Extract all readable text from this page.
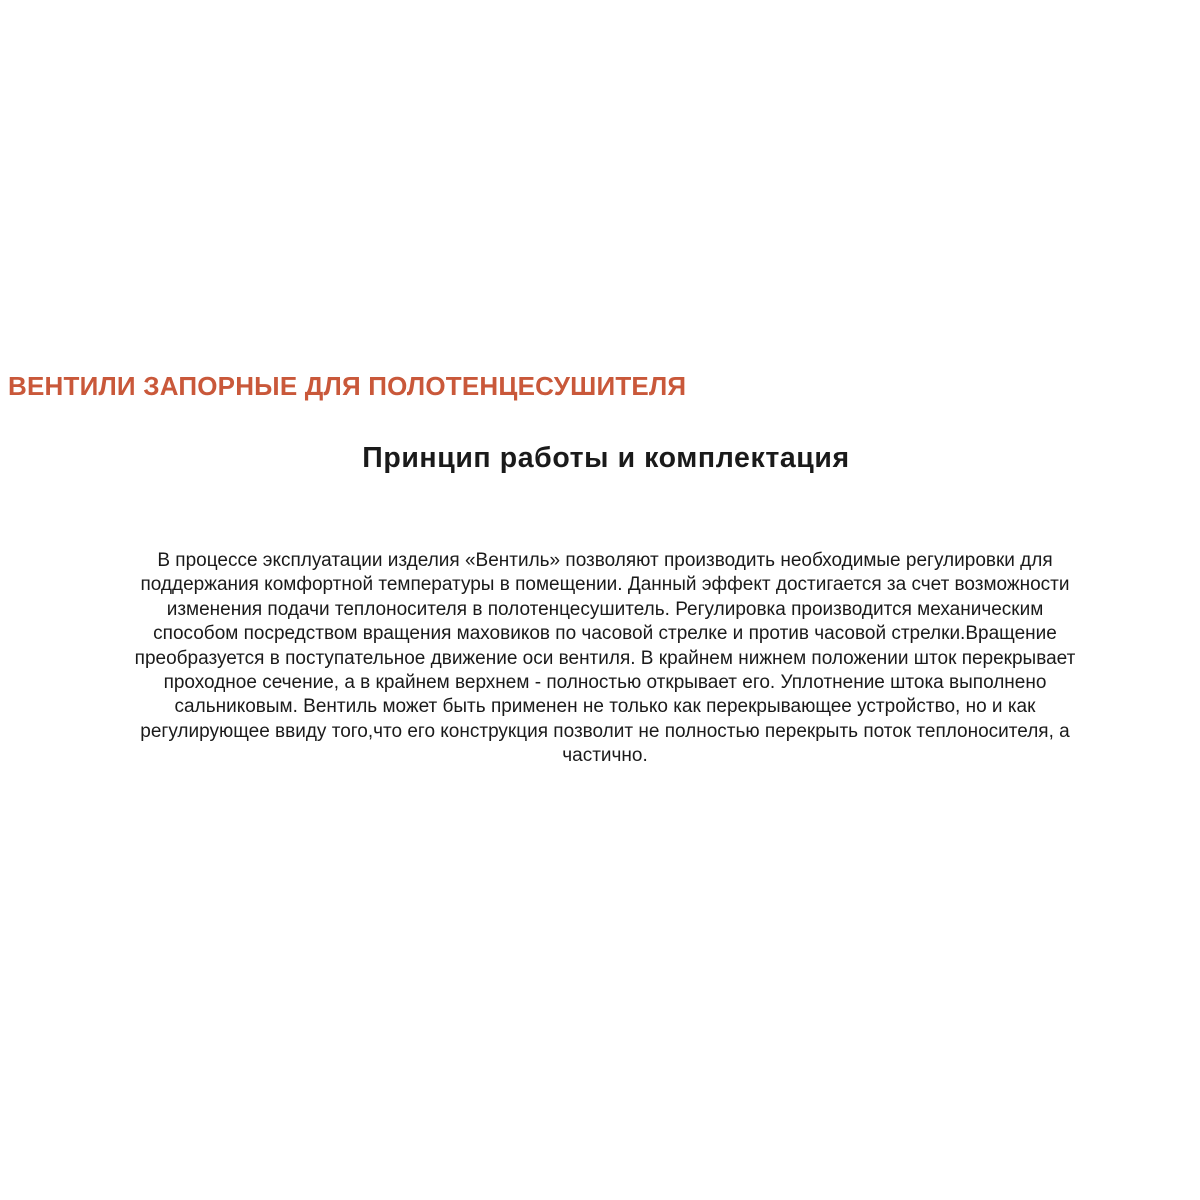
ВЕНТИЛИ ЗАПОРНЫЕ ДЛЯ ПОЛОТЕНЦЕСУШИТЕЛЯ
Принцип работы и комплектация

В процессе эксплуатации изделия «Вентиль» позволяют производить необходимые регулировки для
поддержания комфортной температуры в помещении. Данный эффект достигается за счет возможности
изменения подачи теплоносителя в полотенцесушитель. Регулировка производится механическим
способом посредством вращения маховиков по часовой стрелке и против часовой стрелки.Вращение
преобразуется в поступательное движение оси вентиля. В крайнем нижнем положении шток перекрывает
проходное сечение, а в крайнем верхнем - полностью открывает его. Уплотнение штока выполнено
сальниковым. Вентиль может быть применен не только как перекрывающее устройство, но и как
регулирующее ввиду того,что его конструкция позволит не полностью перекрыть поток теплоносителя, а
частично.
